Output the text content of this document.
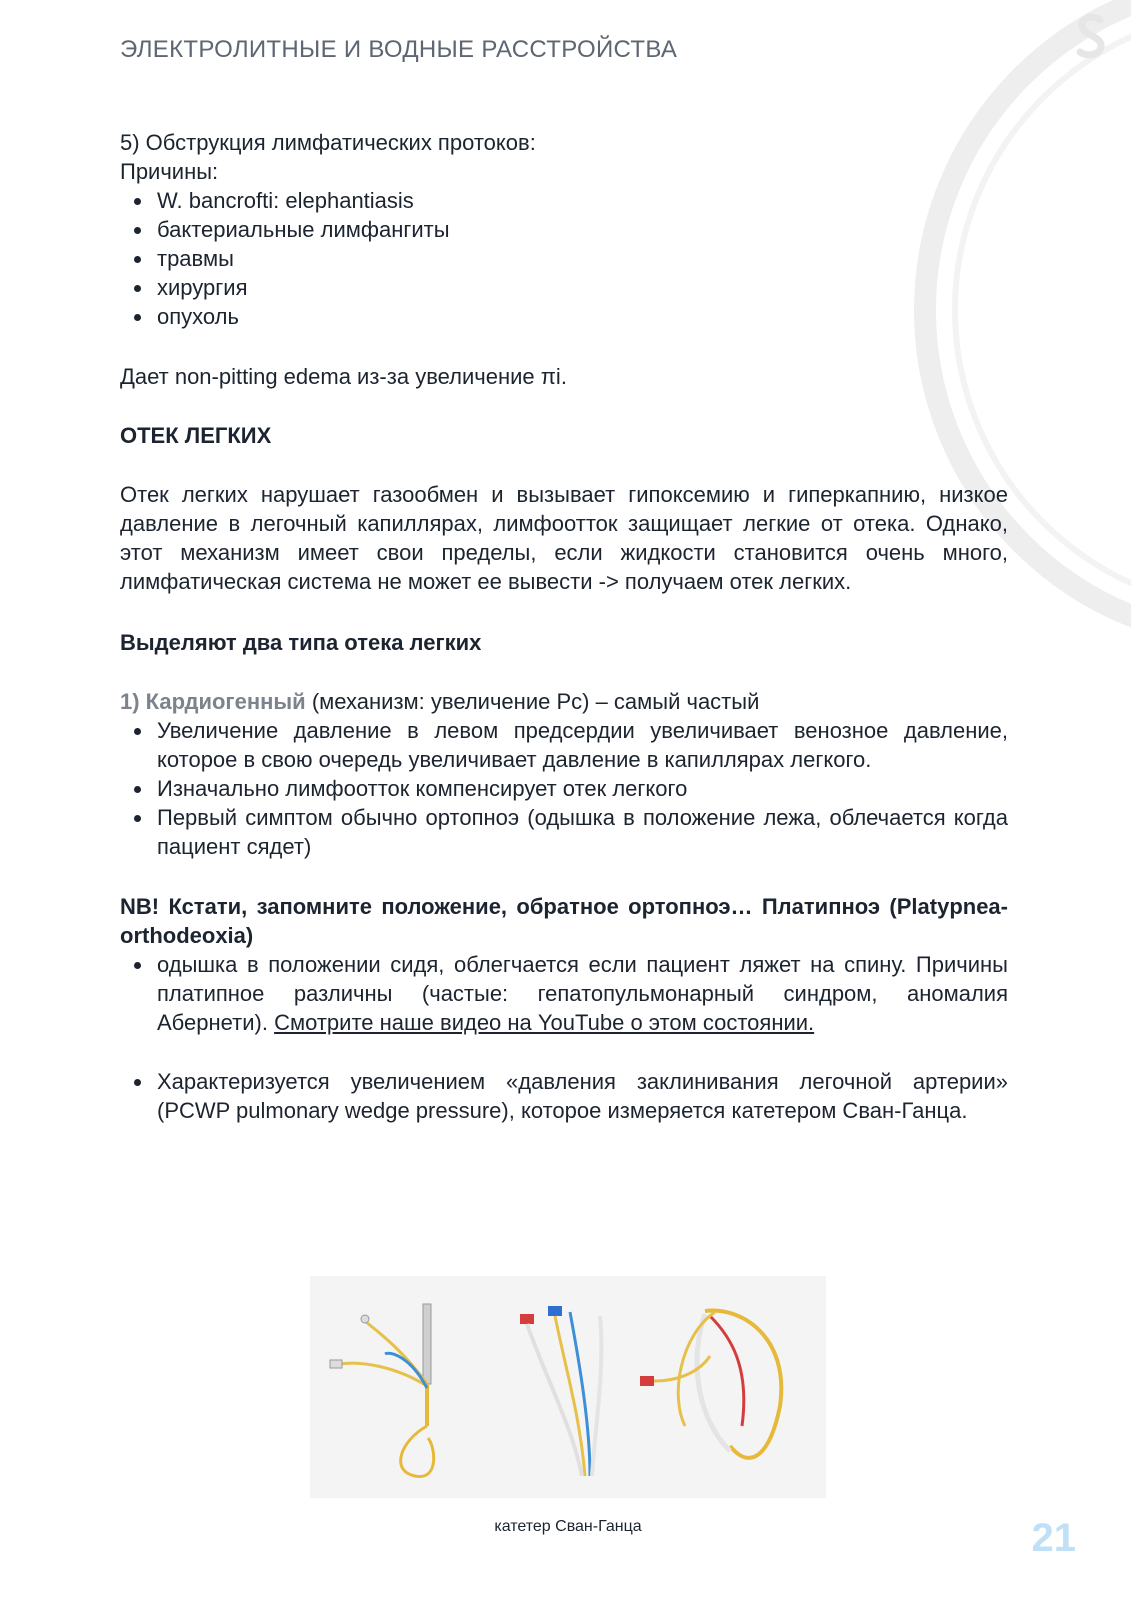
ЭЛЕКТРОЛИТНЫЕ И ВОДНЫЕ РАССТРОЙСТВА

5) Обструкция лимфатических протоков:

Причины:

W. bancrofti: elephantiasis
бактериальные лимфангиты
травмы
хирургия
опухоль

Дает non-pitting edema из-за увеличение πi.

ОТЕК ЛЕГКИХ

Отек легких нарушает газообмен и вызывает гипоксемию и гиперкапнию, низкое давление в легочный капиллярах, лимфоотток защищает легкие от отека. Однако, этот механизм имеет свои пределы, если жидкости становится очень много, лимфатическая система не может ее вывести -> получаем отек легких.

Выделяют два типа отека легких

1) Кардиогенный (механизм: увеличение Pc) – самый частый

Увеличение давление в левом предсердии увеличивает венозное давление, которое в свою очередь увеличивает давление в капиллярах легкого.
Изначально лимфоотток компенсирует отек легкого
Первый симптом обычно ортопноэ (одышка в положение лежа, облечается когда пациент сядет)

NB! Кстати, запомните положение, обратное ортопноэ… Платипноэ (Platypnea-orthodeoxia)

одышка в положении сидя, облегчается если пациент ляжет на спину. Причины платипное различны (частые: гепатопульмонарный синдром, аномалия Абернети). Смотрите наше видео на YouTube о этом состоянии.
Характеризуется увеличением «давления заклинивания легочной артерии» (PCWP pulmonary wedge pressure), которое измеряется катетером Сван-Ганца.
катетер Сван-Ганца	21
